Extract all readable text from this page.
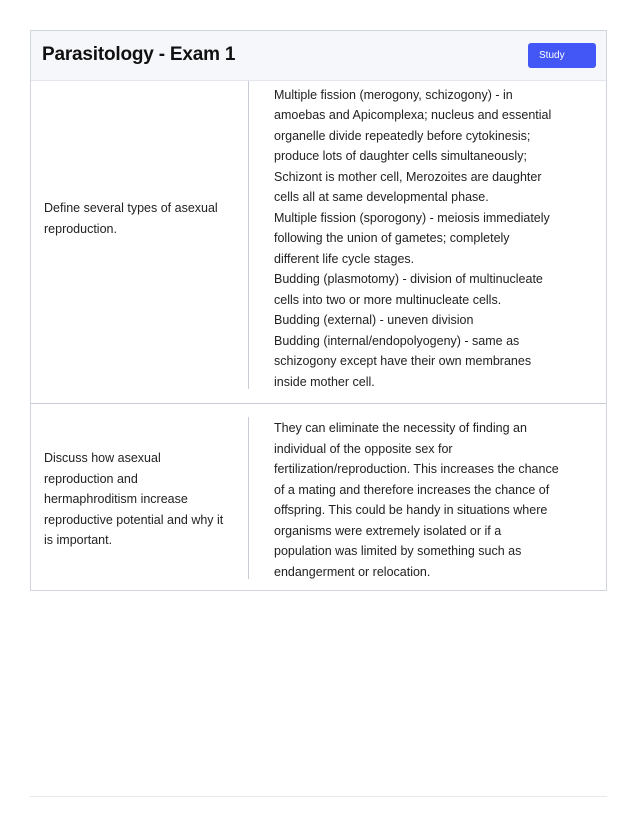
Parasitology - Exam 1	Study
Define several types of asexual reproduction.
Multiple fission (merogony, schizogony) - in
amoebas and Apicomplexa; nucleus and essential
organelle divide repeatedly before cytokinesis;
produce lots of daughter cells simultaneously;
Schizont is mother cell, Merozoites are daughter
cells all at same developmental phase.
Multiple fission (sporogony) - meiosis immediately
following the union of gametes; completely
different life cycle stages.
Budding (plasmotomy) - division of multinucleate
cells into two or more multinucleate cells.
Budding (external) - uneven division
Budding (internal/endopolyogeny) - same as
schizogony except have their own membranes
inside mother cell.
Discuss how asexual reproduction and hermaphroditism increase reproductive potential and why it is important.
They can eliminate the necessity of finding an
individual of the opposite sex for
fertilization/reproduction. This increases the chance
of a mating and therefore increases the chance of
offspring. This could be handy in situations where
organisms were extremely isolated or if a
population was limited by something such as
endangerment or relocation.
